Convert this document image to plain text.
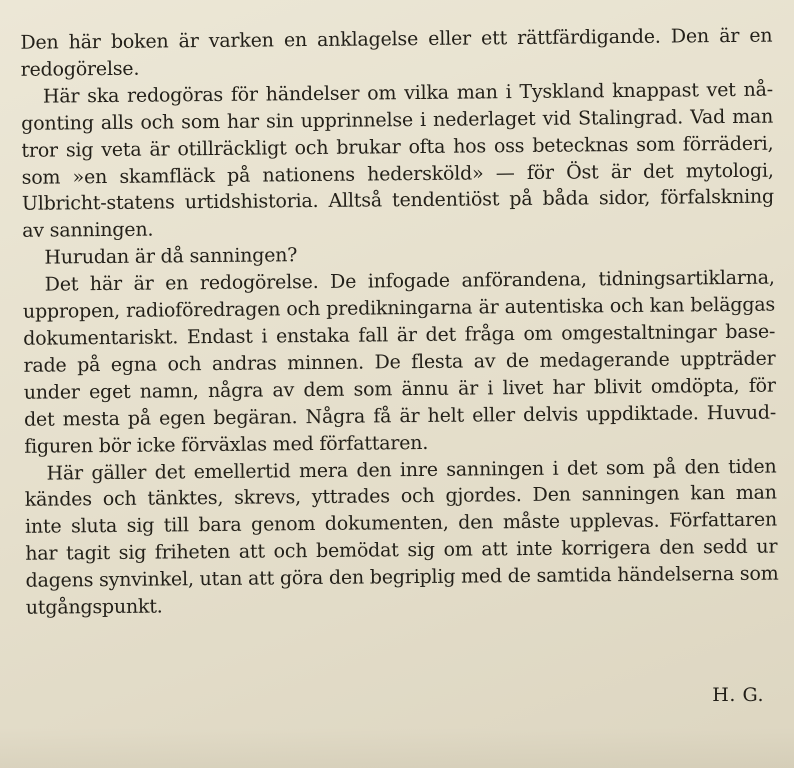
Den här boken är varken en anklagelse eller ett rättfärdigande. Den är en
redogörelse.
Här ska redogöras för händelser om vilka man i Tyskland knappast vet nå-
gonting alls och som har sin upprinnelse i nederlaget vid Stalingrad. Vad man
tror sig veta är otillräckligt och brukar ofta hos oss betecknas som förräderi,
som »en skamfläck på nationens hedersköld» — för Öst är det mytologi,
Ulbricht-statens urtidshistoria. Alltså tendentiöst på båda sidor, förfalskning
av sanningen.
Hurudan är då sanningen?
Det här är en redogörelse. De infogade anförandena, tidningsartiklarna,
uppropen, radioföredragen och predikningarna är autentiska och kan beläggas
dokumentariskt. Endast i enstaka fall är det fråga om omgestaltningar base-
rade på egna och andras minnen. De flesta av de medagerande uppträder
under eget namn, några av dem som ännu är i livet har blivit omdöpta, för
det mesta på egen begäran. Några få är helt eller delvis uppdiktade. Huvud-
figuren bör icke förväxlas med författaren.
Här gäller det emellertid mera den inre sanningen i det som på den tiden
kändes och tänktes, skrevs, yttrades och gjordes. Den sanningen kan man
inte sluta sig till bara genom dokumenten, den måste upplevas. Författaren
har tagit sig friheten att och bemödat sig om att inte korrigera den sedd ur
dagens synvinkel, utan att göra den begriplig med de samtida händelserna som
utgångspunkt.
H. G.
